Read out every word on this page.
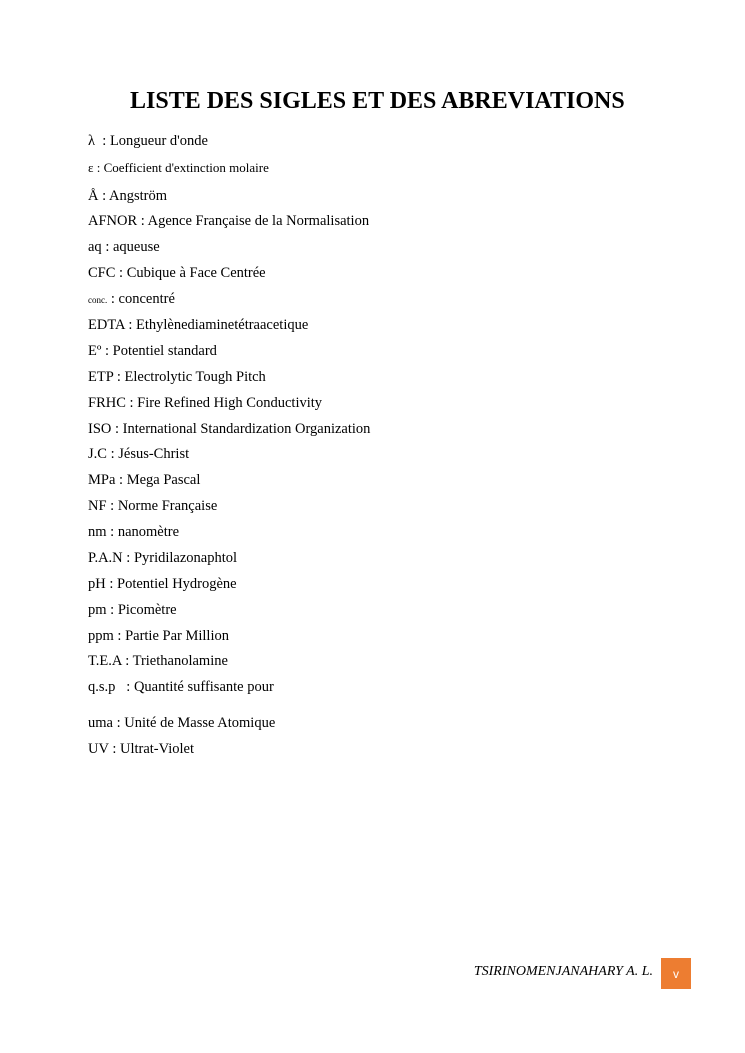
LISTE DES SIGLES ET DES ABREVIATIONS
λ  : Longueur d'onde
ε : Coefficient d'extinction molaire
Å : Angström
AFNOR : Agence Française de la Normalisation
aq : aqueuse
CFC : Cubique à Face Centrée
conc. : concentré
EDTA : Ethylènediaminetétraacetique
Eº : Potentiel standard
ETP : Electrolytic Tough Pitch
FRHC : Fire Refined High Conductivity
ISO : International Standardization Organization
J.C : Jésus-Christ
MPa : Mega Pascal
NF : Norme Française
nm : nanomètre
P.A.N : Pyridilazonaphtol
pH : Potentiel Hydrogène
pm : Picomètre
ppm : Partie Par Million
T.E.A : Triethanolamine
q.s.p   : Quantité suffisante pour
uma : Unité de Masse Atomique
UV : Ultrat-Violet
TSIRINOMENJANAHARY A. L.	v
